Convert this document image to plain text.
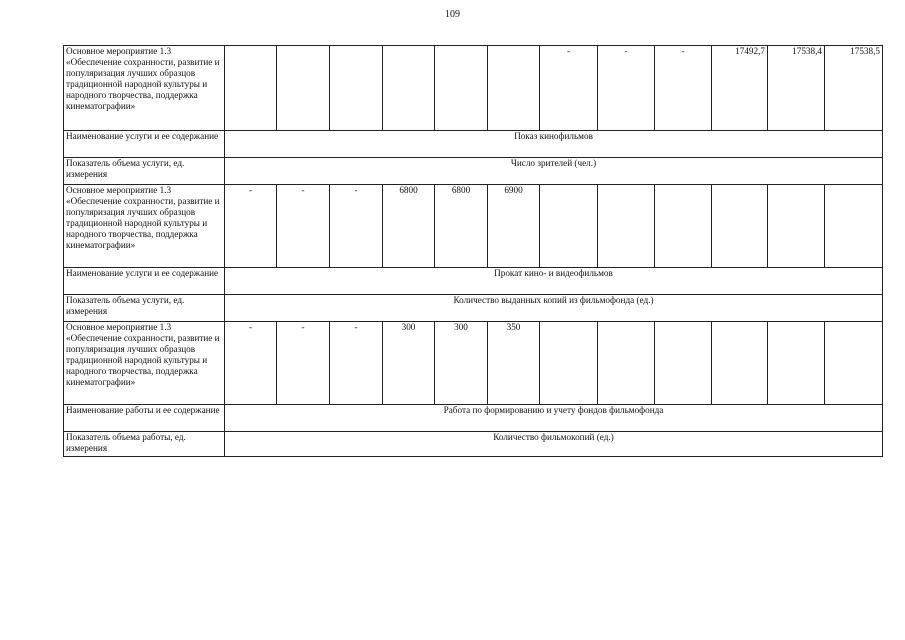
109
Основное мероприятие 1.3 «Обеспечение сохранности, развитие и популяризация лучших образцов традиционной народной культуры и народного творчества, поддержка кинематографии»							-	-	-	17492,7	17538,4	17538,5
Наименование услуги и ее содержание	Показ кинофильмов											
Показатель объема услуги, ед. измерения	Число зрителей (чел.)											
Основное мероприятие 1.3 «Обеспечение сохранности, развитие и популяризация лучших образцов традиционной народной культуры и народного творчества, поддержка кинематографии»	-	-	-	6800	6800	6900						
Наименование услуги и ее содержание	Прокат кино- и видеофильмов											
Показатель объема услуги, ед. измерения	Количество выданных копий из фильмофонда (ед.)											
Основное мероприятие 1.3 «Обеспечение сохранности, развитие и популяризация лучших образцов традиционной народной культуры и народного творчества, поддержка кинематографии»	-	-	-	300	300	350						
Наименование работы и ее содержание	Работа по формированию и учету фондов фильмофонда											
Показатель объема работы, ед. измерения	Количество фильмокопий (ед.)											
